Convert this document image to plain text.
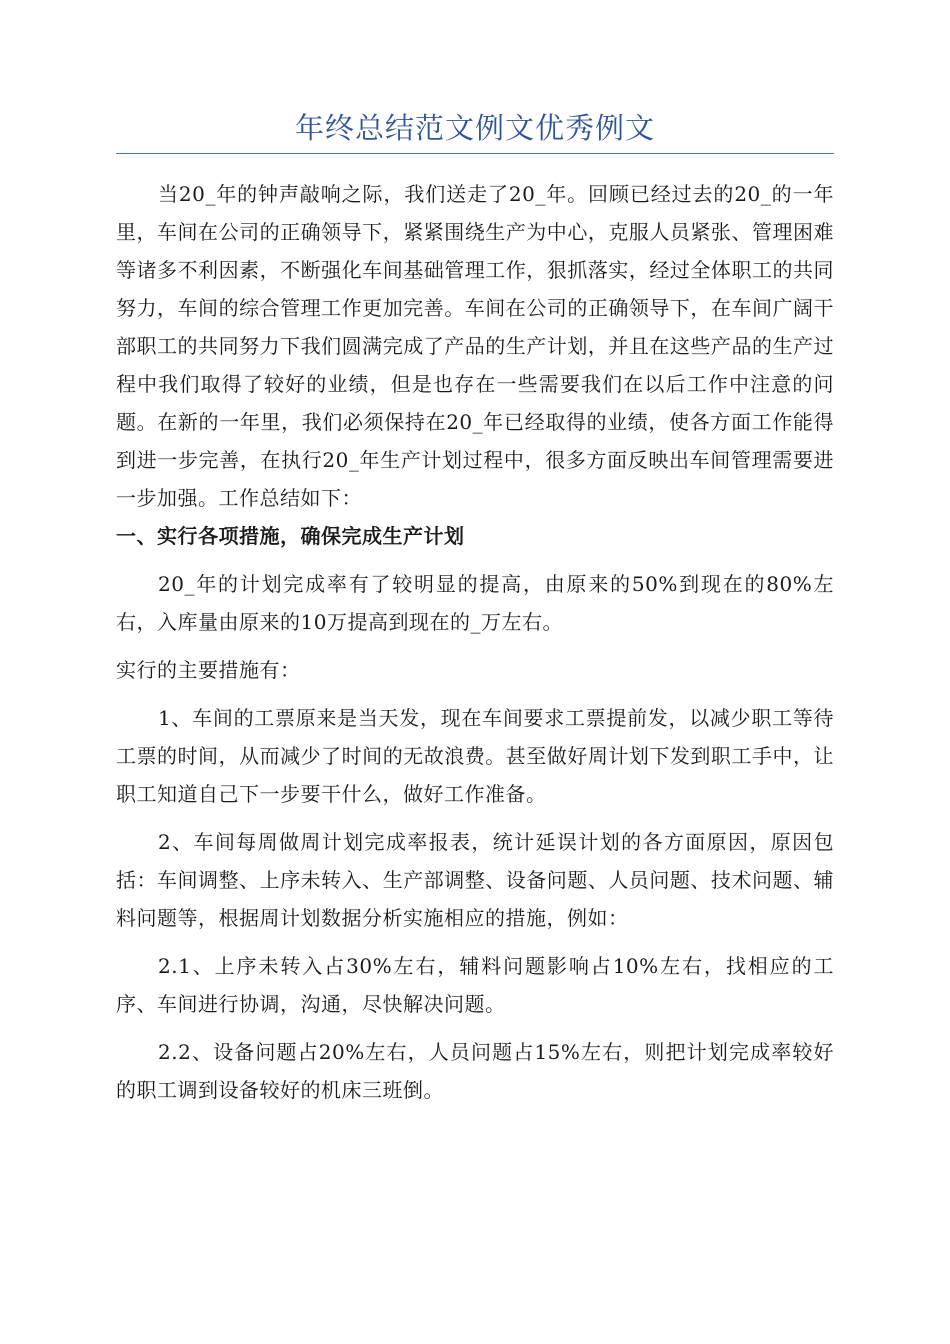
年终总结范文例文优秀例文

当20_年的钟声敲响之际，我们送走了20_年。回顾已经过去的20_的一年里，车间在公司的正确领导下，紧紧围绕生产为中心，克服人员紧张、管理困难等诸多不利因素，不断强化车间基础管理工作，狠抓落实，经过全体职工的共同努力，车间的综合管理工作更加完善。车间在公司的正确领导下，在车间广阔干部职工的共同努力下我们圆满完成了产品的生产计划，并且在这些产品的生产过程中我们取得了较好的业绩，但是也存在一些需要我们在以后工作中注意的问题。在新的一年里，我们必须保持在20_年已经取得的业绩，使各方面工作能得到进一步完善，在执行20_年生产计划过程中，很多方面反映出车间管理需要进一步加强。工作总结如下：

一、实行各项措施，确保完成生产计划

20_年的计划完成率有了较明显的提高，由原来的50%到现在的80%左右，入库量由原来的10万提高到现在的_万左右。

实行的主要措施有：

1、车间的工票原来是当天发，现在车间要求工票提前发，以减少职工等待工票的时间，从而减少了时间的无故浪费。甚至做好周计划下发到职工手中，让职工知道自己下一步要干什么，做好工作准备。

2、车间每周做周计划完成率报表，统计延误计划的各方面原因，原因包括：车间调整、上序未转入、生产部调整、设备问题、人员问题、技术问题、辅料问题等，根据周计划数据分析实施相应的措施，例如：

2.1、上序未转入占30%左右，辅料问题影响占10%左右，找相应的工序、车间进行协调，沟通，尽快解决问题。

2.2、设备问题占20%左右，人员问题占15%左右，则把计划完成率较好的职工调到设备较好的机床三班倒。
